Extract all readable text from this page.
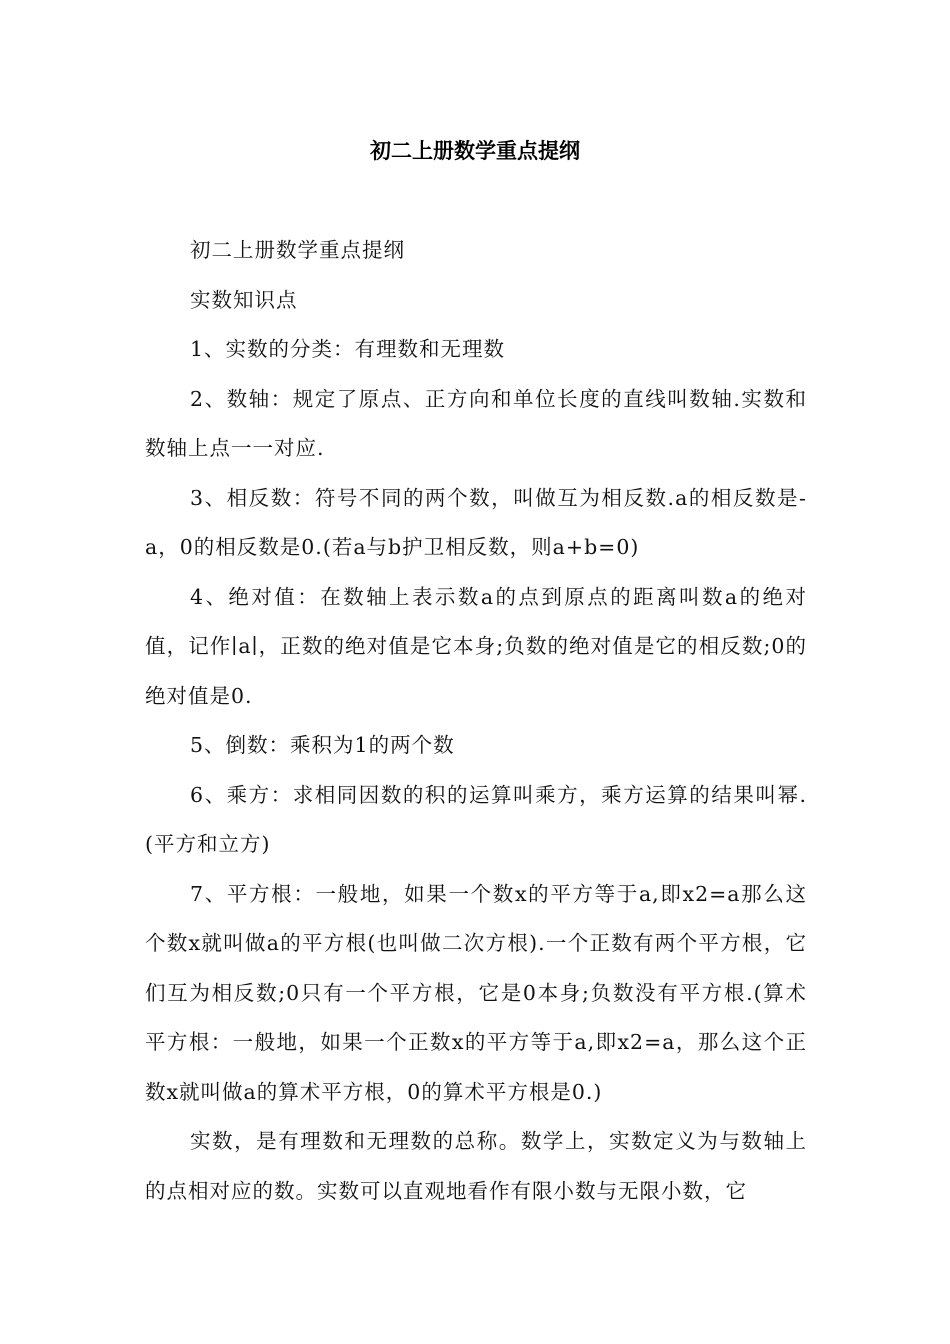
初二上册数学重点提纲

初二上册数学重点提纲

实数知识点

1、实数的分类：有理数和无理数

2、数轴：规定了原点、正方向和单位长度的直线叫数轴.实数和数轴上点一一对应.

3、相反数：符号不同的两个数，叫做互为相反数.a的相反数是-a，0的相反数是0.(若a与b护卫相反数，则a+b=0)

4、绝对值：在数轴上表示数a的点到原点的距离叫数a的绝对值，记作∣a∣，正数的绝对值是它本身;负数的绝对值是它的相反数;0的绝对值是0.

5、倒数：乘积为1的两个数

6、乘方：求相同因数的积的运算叫乘方，乘方运算的结果叫幂.(平方和立方)

7、平方根：一般地，如果一个数x的平方等于a,即x2=a那么这个数x就叫做a的平方根(也叫做二次方根).一个正数有两个平方根，它们互为相反数;0只有一个平方根，它是0本身;负数没有平方根.(算术平方根：一般地，如果一个正数x的平方等于a,即x2=a，那么这个正数x就叫做a的算术平方根，0的算术平方根是0.)

实数，是有理数和无理数的总称。数学上，实数定义为与数轴上的点相对应的数。实数可以直观地看作有限小数与无限小数，它
